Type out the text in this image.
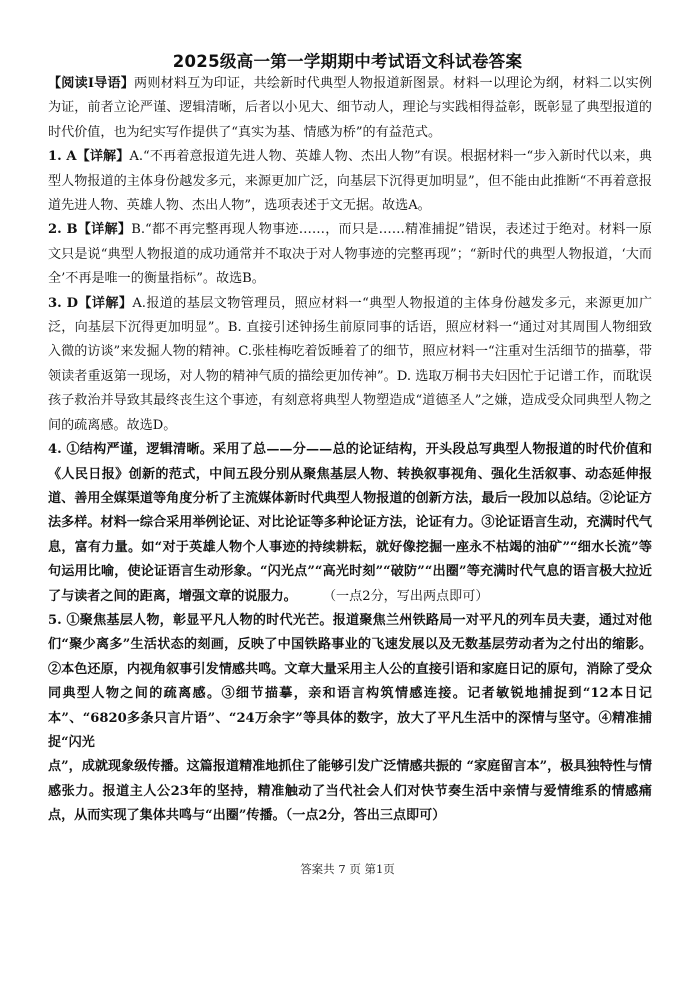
2025级高一第一学期期中考试语文科试卷答案

【阅读Ⅰ导语】两则材料互为印证，共绘新时代典型人物报道新图景。材料一以理论为纲，材料二以实例为证，前者立论严谨、逻辑清晰，后者以小见大、细节动人，理论与实践相得益彰，既彰显了典型报道的时代价值，也为纪实写作提供了“真实为基、情感为桥”的有益范式。

1. A【详解】A.“不再着意报道先进人物、英雄人物、杰出人物”有误。根据材料一“步入新时代以来，典型人物报道的主体身份越发多元，来源更加广泛，向基层下沉得更加明显”，但不能由此推断“不再着意报道先进人物、英雄人物、杰出人物”，选项表述于文无据。故选A。

2. B【详解】B.“都不再完整再现人物事迹……，而只是……精准捕捉”错误，表述过于绝对。材料一原文只是说“典型人物报道的成功通常并不取决于对人物事迹的完整再现”；“新时代的典型人物报道，‘大而全’不再是唯一的衡量指标”。故选B。

3. D【详解】A.报道的基层文物管理员，照应材料一“典型人物报道的主体身份越发多元，来源更加广泛，向基层下沉得更加明显”。B. 直接引述钟扬生前原同事的话语，照应材料一“通过对其周围人物细致入微的访谈”来发掘人物的精神。C.张桂梅吃着饭睡着了的细节，照应材料一“注重对生活细节的描摹，带领读者重返第一现场，对人物的精神气质的描绘更加传神”。D. 选取万桐书夫妇因忙于记谱工作，而耽误孩子救治并导致其最终丧生这个事迹，有刻意将典型人物塑造成“道德圣人”之嫌，造成受众同典型人物之间的疏离感。故选D。

4. ①结构严谨，逻辑清晰。采用了总——分——总的论证结构，开头段总写典型人物报道的时代价值和《人民日报》创新的范式，中间五段分别从聚焦基层人物、转换叙事视角、强化生活叙事、动态延伸报道、善用全媒渠道等角度分析了主流媒体新时代典型人物报道的创新方法，最后一段加以总结。②论证方法多样。材料一综合采用举例论证、对比论证等多种论证方法，论证有力。③论证语言生动，充满时代气息，富有力量。如“对于英雄人物个人事迹的持续耕耘，就好像挖掘一座永不枯竭的油矿”“细水长流”等句运用比喻，使论证语言生动形象。“闪光点”“高光时刻”“破防”“出圈”等充满时代气息的语言极大拉近了与读者之间的距离，增强文章的说服力。   （一点2分，写出两点即可）

5. ①聚焦基层人物，彰显平凡人物的时代光芒。报道聚焦兰州铁路局一对平凡的列车员夫妻，通过对他们“聚少离多”生活状态的刻画，反映了中国铁路事业的飞速发展以及无数基层劳动者为之付出的缩影。②本色还原，内视角叙事引发情感共鸣。文章大量采用主人公的直接引语和家庭日记的原句，消除了受众同典型人物之间的疏离感。③细节描摹，亲和语言构筑情感连接。记者敏锐地捕捉到“12本日记本”、“6820多条只言片语”、“24万余字”等具体的数字，放大了平凡生活中的深情与坚守。④精准捕捉“闪光

点”，成就现象级传播。这篇报道精准地抓住了能够引发广泛情感共振的 “家庭留言本”，极具独特性与情感张力。报道主人公23年的坚持，精准触动了当代社会人们对快节奏生活中亲情与爱情维系的情感痛点，从而实现了集体共鸣与“出圈”传播。（一点2分，答出三点即可）

答案共 7 页 第1页
